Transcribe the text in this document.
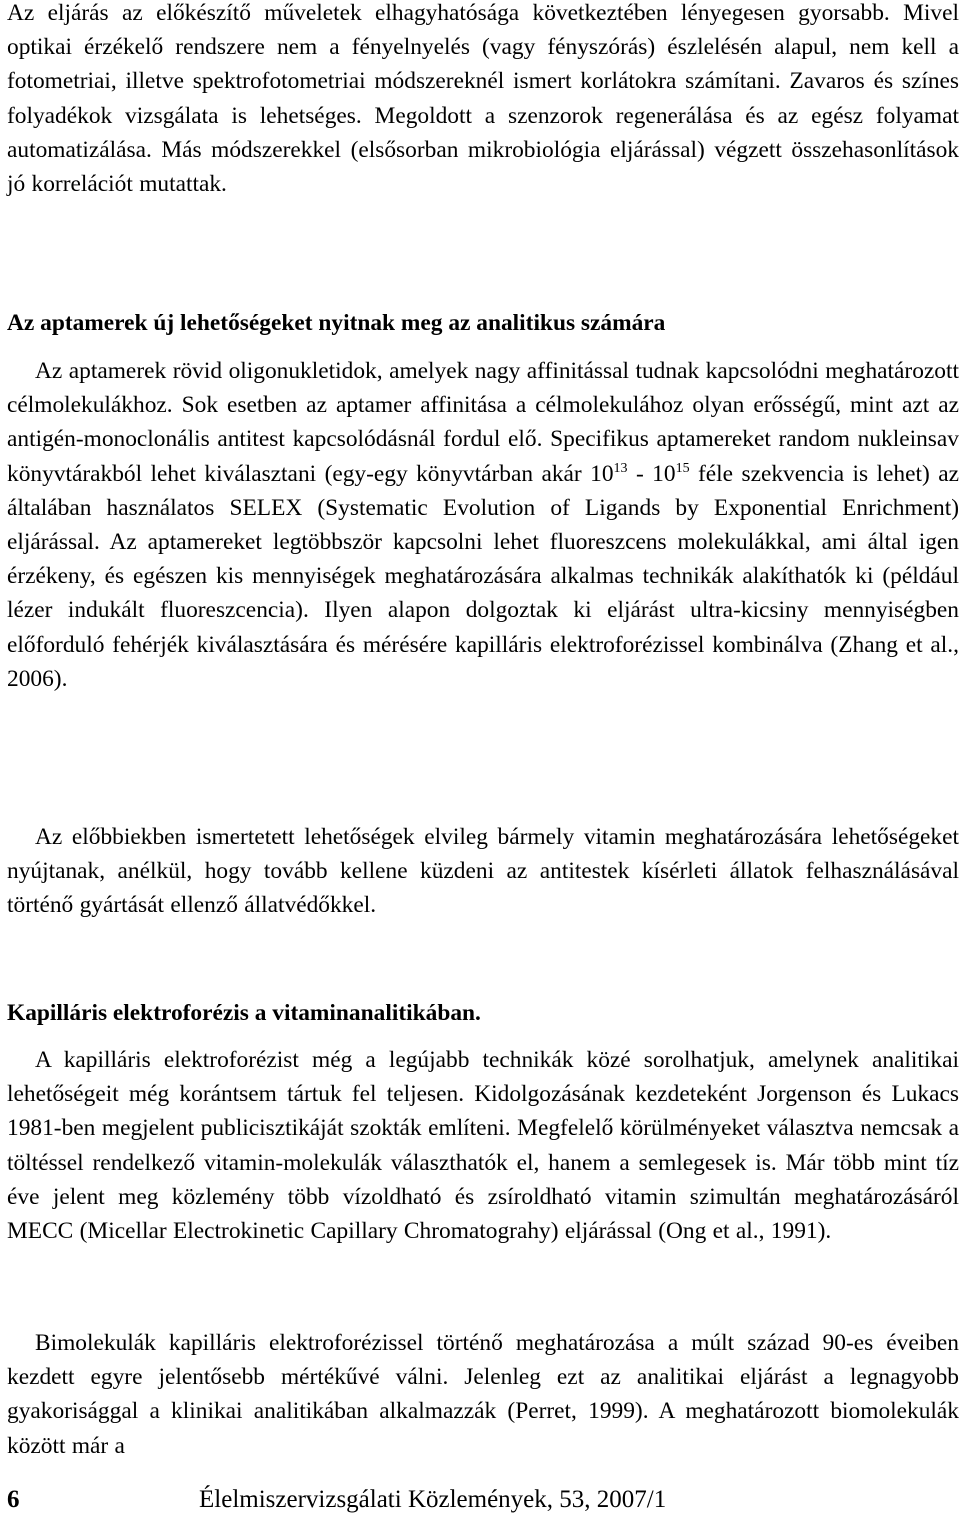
Az eljárás az előkészítő műveletek elhagyhatósága következtében lényegesen gyorsabb. Mivel optikai érzékelő rendszere nem a fényelnyelés (vagy fényszórás) észlelésén alapul, nem kell a fotometriai, illetve spektrofotometriai módszereknél ismert korlátokra számítani. Zavaros és színes folyadékok vizsgálata is lehetséges. Megoldott a szenzorok regenerálása és az egész folyamat automatizálása. Más módszerekkel (elsősorban mikrobiológia eljárással) végzett összehasonlítások jó korrelációt mutattak.

Az aptamerek új lehetőségeket nyitnak meg az analitikus számára

Az aptamerek rövid oligonukletidok, amelyek nagy affinitással tudnak kapcsolódni meghatározott célmolekulákhoz. Sok esetben az aptamer affinitása a célmolekulához olyan erősségű, mint azt az antigén-monoclonális antitest kapcsolódásnál fordul elő. Specifikus aptamereket random nukleinsav könyvtárakból lehet kiválasztani (egy-egy könyvtárban akár $10^{13} - 10^{15}$ féle szekvencia is lehet) az általában használatos SELEX (Systematic Evolution of Ligands by Exponential Enrichment) eljárással. Az aptamereket legtöbbször kapcsolni lehet fluoreszcens molekulákkal, ami által igen érzékeny, és egészen kis mennyiségek meghatározására alkalmas technikák alakíthatók ki (például lézer indukált fluoreszcencia). Ilyen alapon dolgoztak ki eljárást ultra-kicsiny mennyiségben előforduló fehérjék kiválasztására és mérésére kapilláris elektroforézissel kombinálva (Zhang et al., 2006).

Az előbbiekben ismertetett lehetőségek elvileg bármely vitamin meghatározására lehetőségeket nyújtanak, anélkül, hogy tovább kellene küzdeni az antitestek kísérleti állatok felhasználásával történő gyártását ellenző állatvédőkkel.

Kapilláris elektroforézis a vitaminanalitikában.

A kapilláris elektroforézist még a legújabb technikák közé sorolhatjuk, amelynek analitikai lehetőségeit még korántsem tártuk fel teljesen. Kidolgozásának kezdeteként Jorgenson és Lukacs 1981-ben megjelent publicisztikáját szokták említeni. Megfelelő körülményeket választva nemcsak a töltéssel rendelkező vitamin-molekulák választhatók el, hanem a semlegesek is. Már több mint tíz éve jelent meg közlemény több vízoldható és zsíroldható vitamin szimultán meghatározásáról MECC (Micellar Electrokinetic Capillary Chromatograhy) eljárással (Ong et al., 1991).

Bimolekulák kapilláris elektroforézissel történő meghatározása a múlt század 90-es éveiben kezdett egyre jelentősebb mértékűvé válni. Jelenleg ezt az analitikai eljárást a legnagyobb gyakorisággal a klinikai analitikában alkalmazzák (Perret, 1999). A meghatározott biomolekulák között már a

6	Élelmiszervizsgálati Közlemények, 53, 2007/1
